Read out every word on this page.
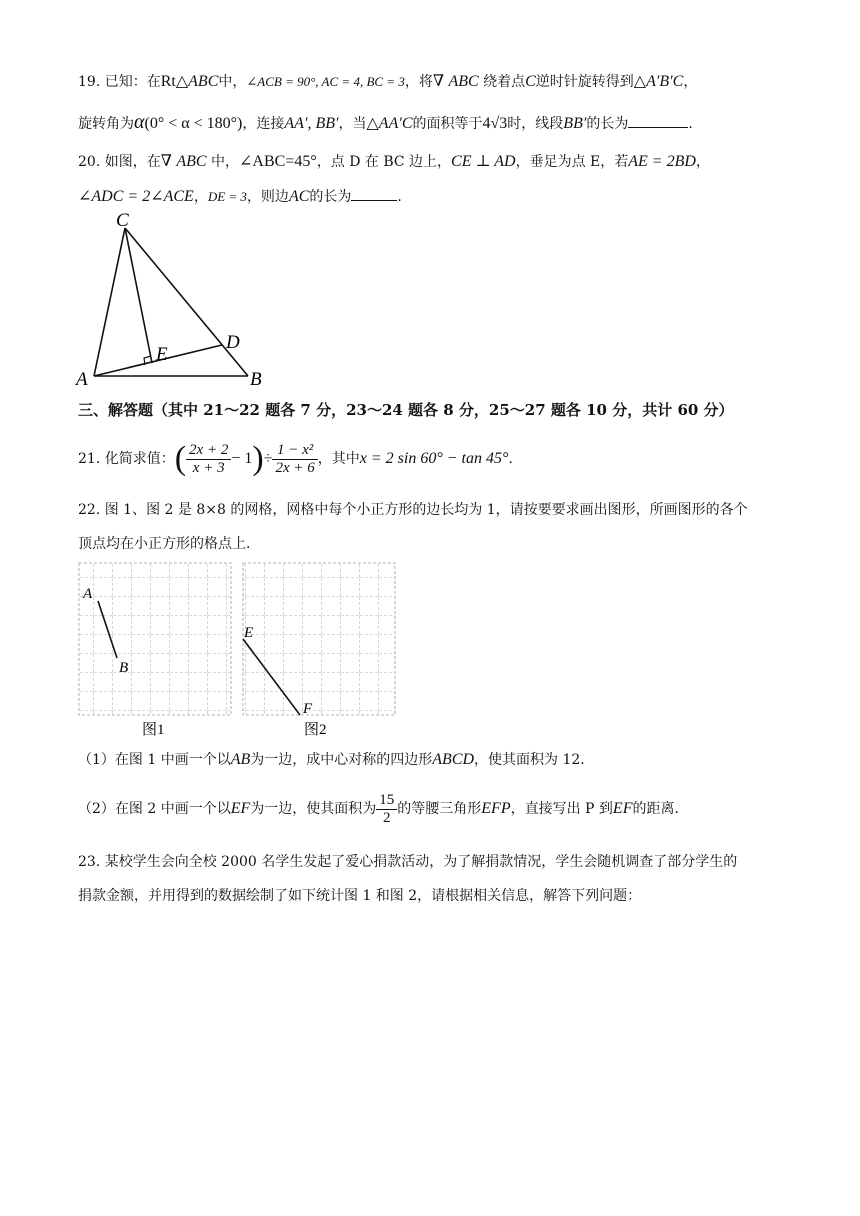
19. 已知：在Rt△ABC中，∠ACB = 90°, AC = 4, BC = 3，将∇ ABC 绕着点C逆时针旋转得到△A′B′C，
旋转角为α(0° < α < 180°)，连接AA′, BB′，当△AA′C的面积等于4√3时，线段BB′的长为	.
20. 如图，在∇ ABC 中，∠ABC=45°，点 D 在 BC 边上，CE ⊥ AD，垂足为点 E，若AE = 2BD，
∠ADC = 2∠ACE，DE = 3，则边AC的长为	.
C
E
D
A	B
三、解答题（其中 21～22 题各 7 分，23～24 题各 8 分，25～27 题各 10 分，共计 60 分）
21. 化简求值：( $\frac{2x + 2}{x + 3} - 1)\div \frac{\text{1 − x²}}{2x + 6}$ ，其中x = 2 sin 60° − tan 45°.
22. 图 1、图 2 是 8×8 的网格，网格中每个小正方形的边长均为 1，请按要要求画出图形，所画图形的各个
顶点均在小正方形的格点上.
A
B
E
F
图1	图2
（1）在图 1 中画一个以AB为一边，成中心对称的四边形ABCD，使其面积为 12.
（2）在图 2 中画一个以EF为一边，使其面积为 $\frac{15}{2}$ 的等腰三角形EFP，直接写出 P 到EF的距离.
23. 某校学生会向全校 2000 名学生发起了爱心捐款活动，为了解捐款情况，学生会随机调查了部分学生的
捐款金额，并用得到的数据绘制了如下统计图 1 和图 2，请根据相关信息，解答下列问题：
